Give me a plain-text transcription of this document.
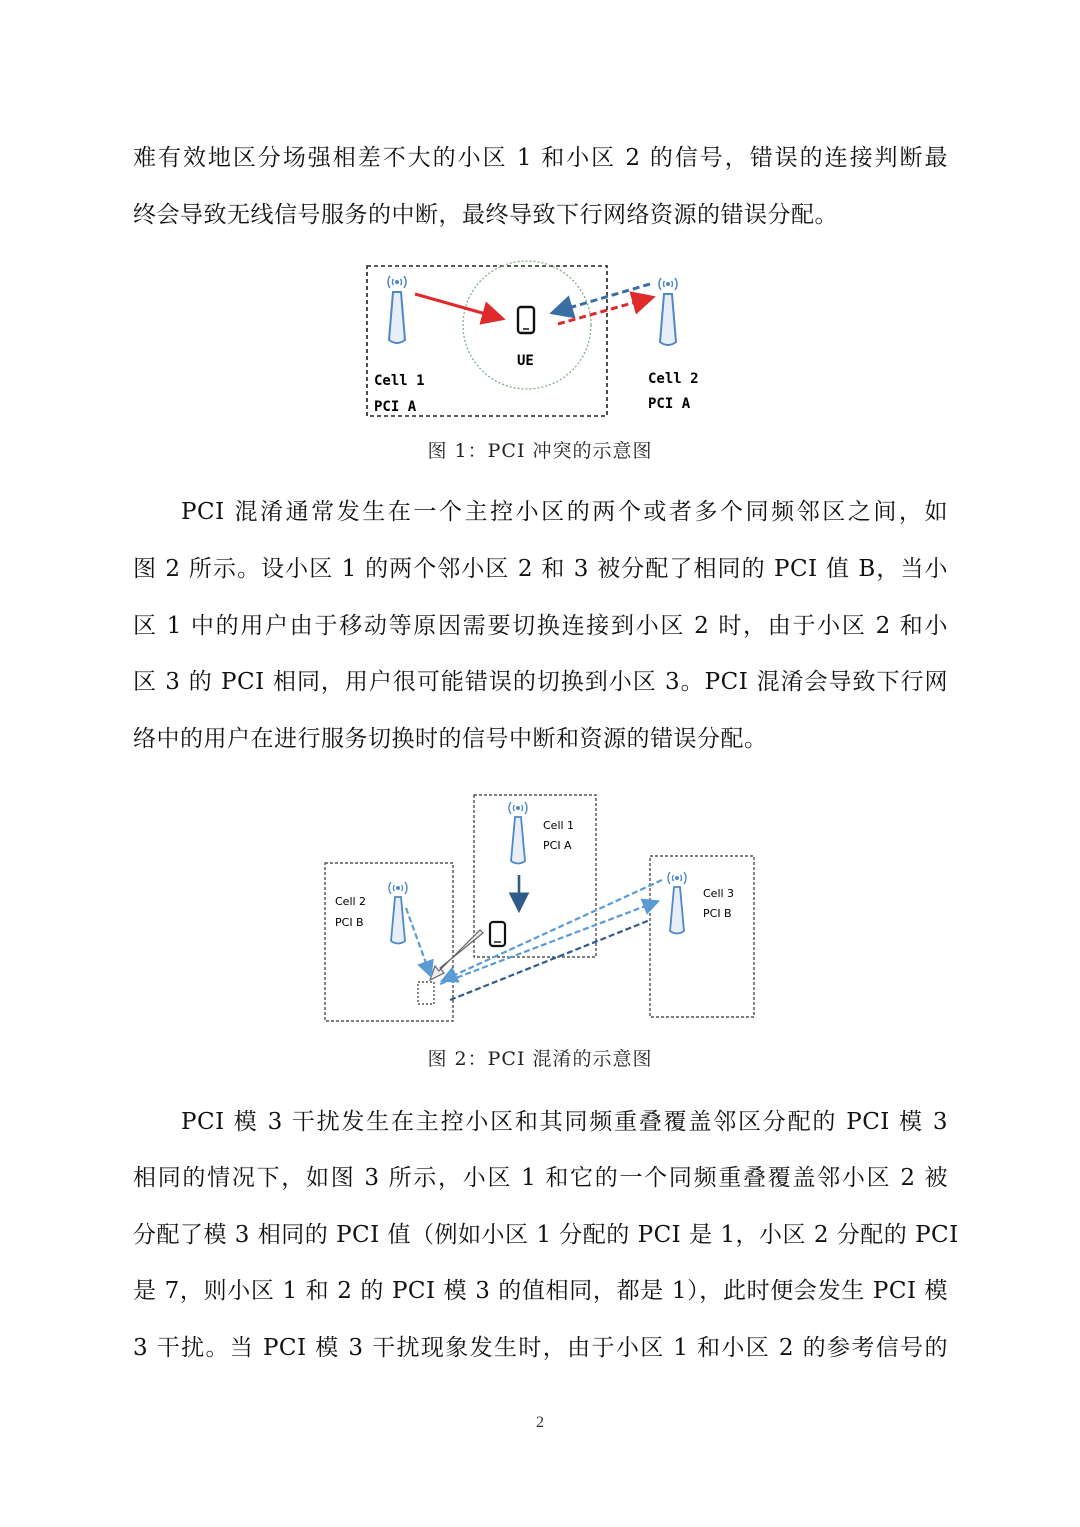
难有效地区分场强相差不大的小区 1 和小区 2 的信号，错误的连接判断最
终会导致无线信号服务的中断，最终导致下行网络资源的错误分配。
UE
Cell 1
PCI A
Cell 2
PCI A
图 1：PCI 冲突的示意图
PCI 混淆通常发生在一个主控小区的两个或者多个同频邻区之间，如
图 2 所示。设小区 1 的两个邻小区 2 和 3 被分配了相同的 PCI 值 B，当小
区 1 中的用户由于移动等原因需要切换连接到小区 2 时，由于小区 2 和小
区 3 的 PCI 相同，用户很可能错误的切换到小区 3。PCI 混淆会导致下行网
络中的用户在进行服务切换时的信号中断和资源的错误分配。
Cell 1
PCI A
Cell 2
PCI B
Cell 3
PCI B
图 2：PCI 混淆的示意图
PCI 模 3 干扰发生在主控小区和其同频重叠覆盖邻区分配的 PCI 模 3
相同的情况下，如图 3 所示，小区 1 和它的一个同频重叠覆盖邻小区 2 被
分配了模 3 相同的 PCI 值（例如小区 1 分配的 PCI 是 1，小区 2 分配的 PCI
是 7，则小区 1 和 2 的 PCI 模 3 的值相同，都是 1），此时便会发生 PCI 模
3 干扰。当 PCI 模 3 干扰现象发生时，由于小区 1 和小区 2 的参考信号的
2
